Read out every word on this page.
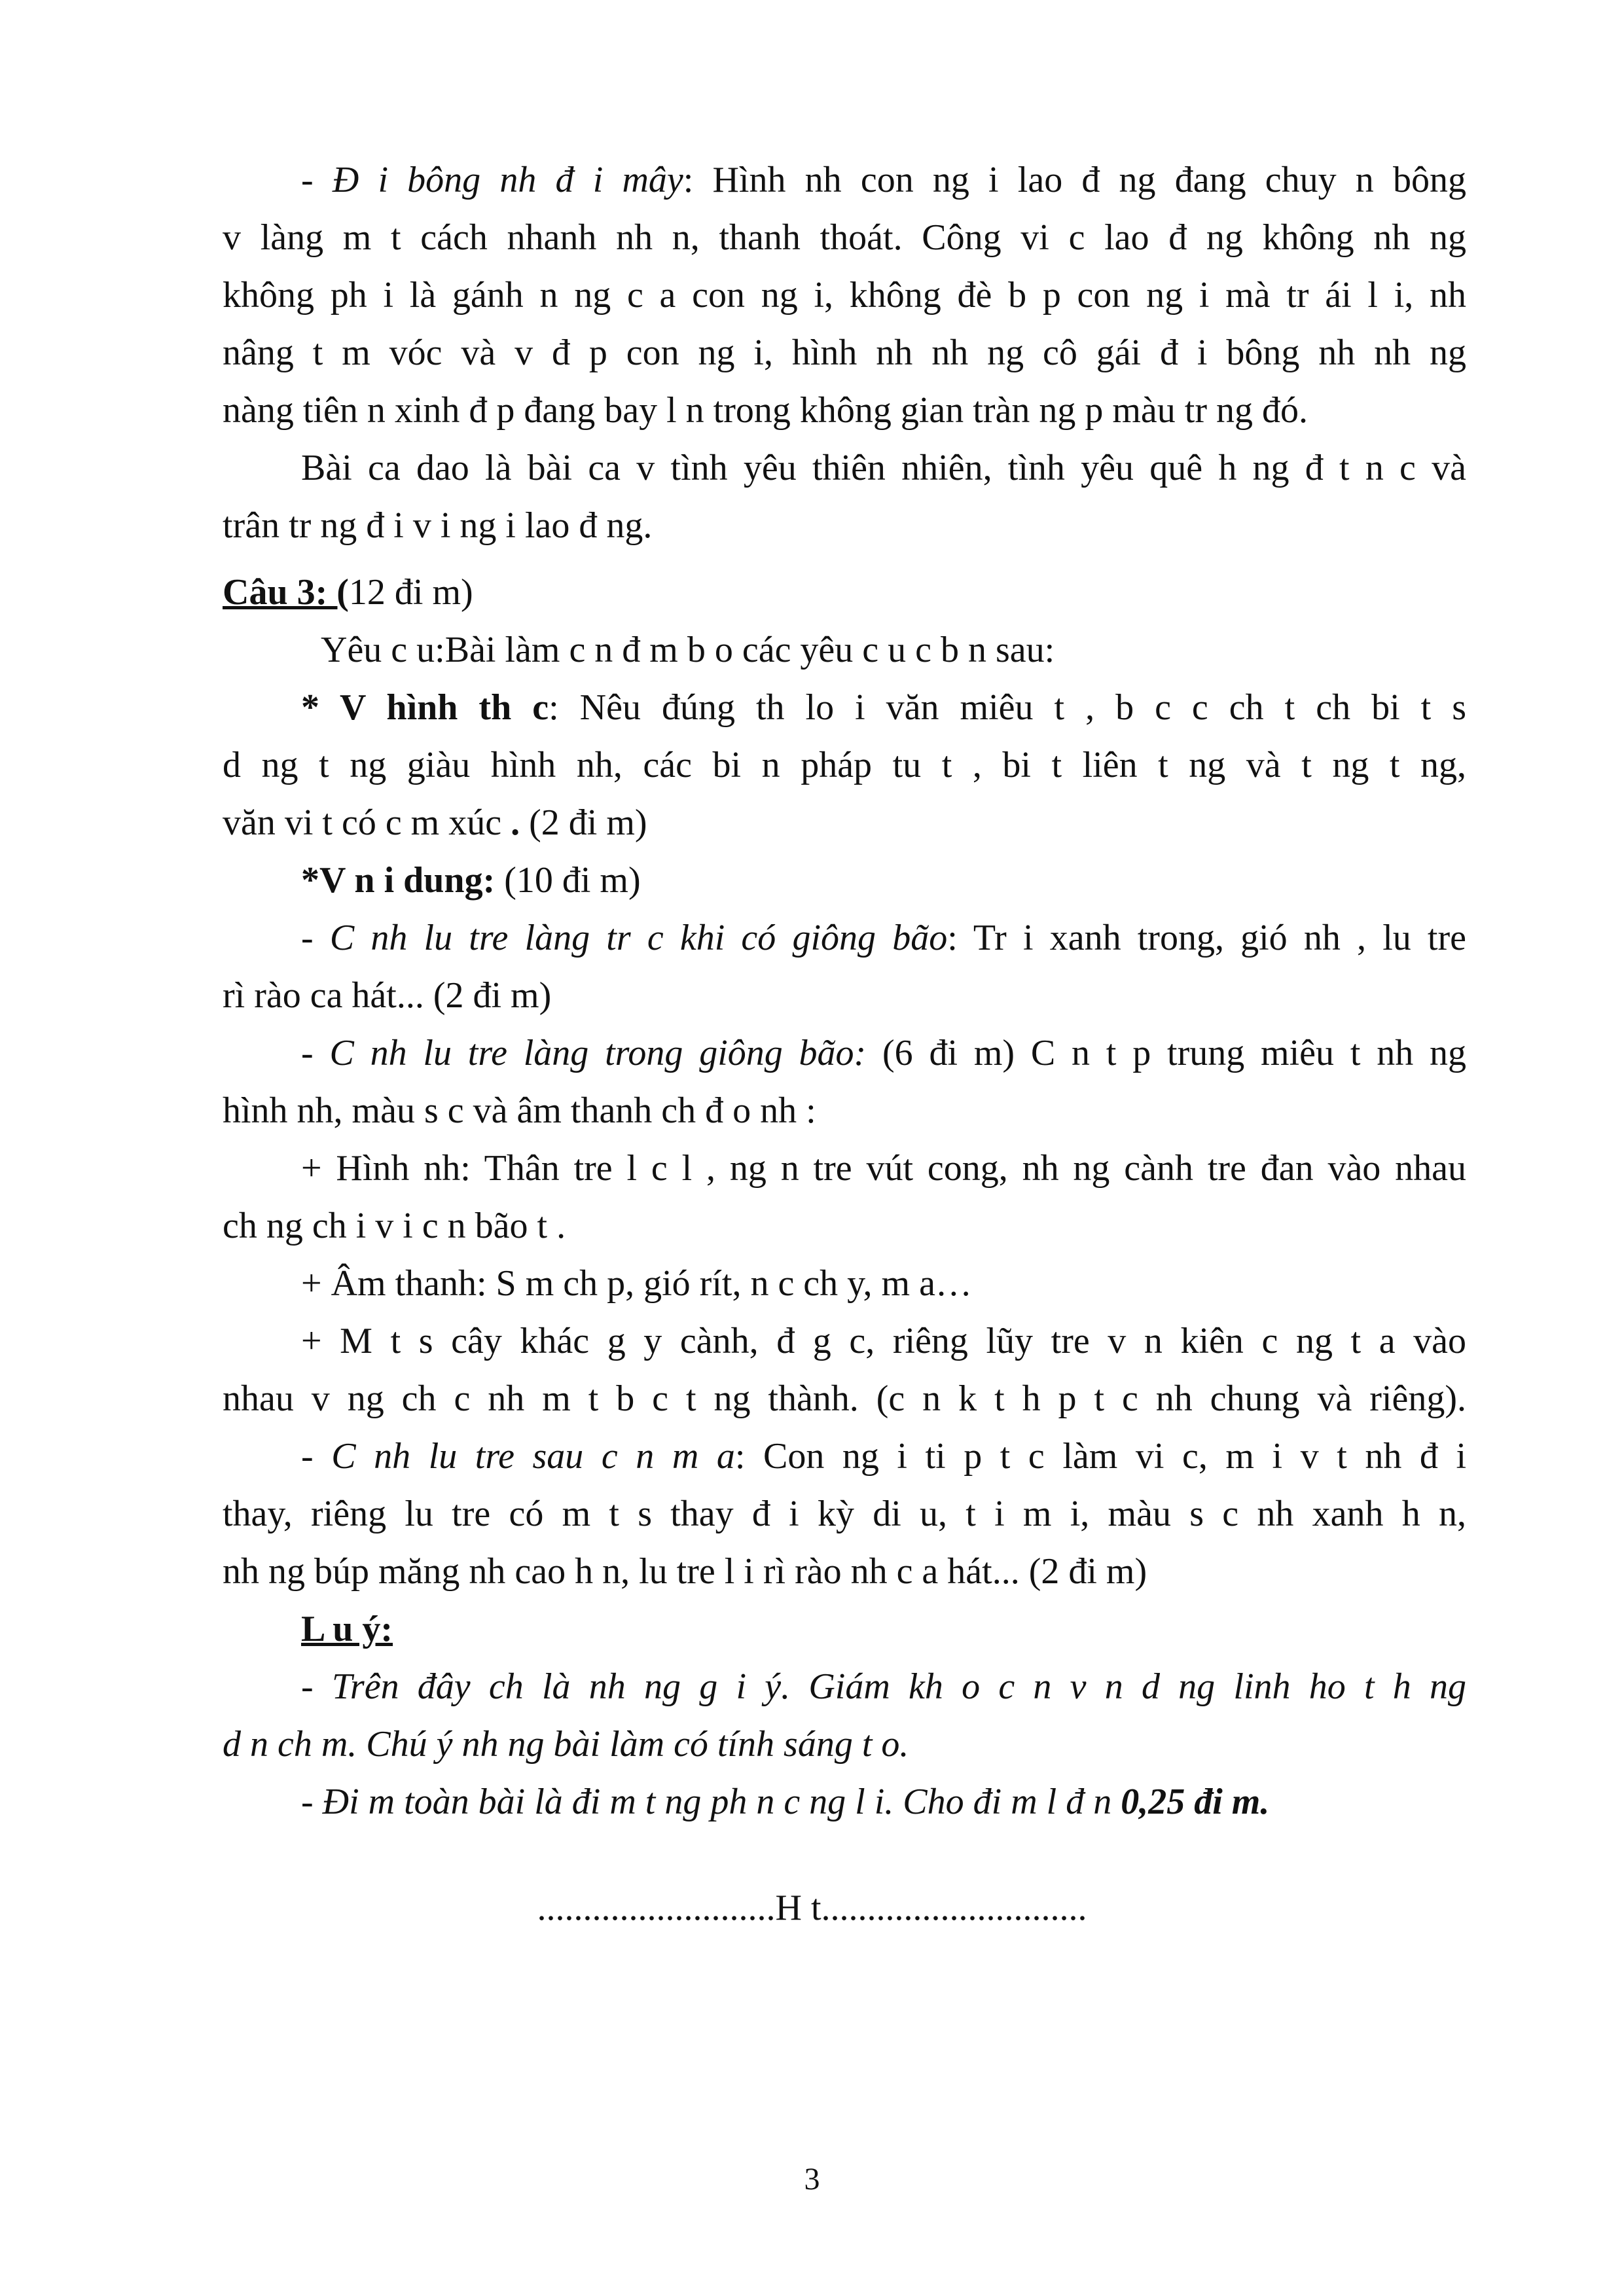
- Đ i bông nh đ i mây: Hình nh con ng i lao đ ng đang chuy n bông
v làng m t cách nhanh nh n, thanh thoát. Công vi c lao đ ng không nh ng
không ph i là gánh n ng c a con ng i, không đè b p con ng i mà tr ái l i, nh
nâng t m vóc và v đ p con ng i, hình nh nh ng cô gái đ i bông nh nh ng
nàng tiên n xinh đ p đang bay l n trong không gian tràn ng p màu tr ng đó.
Bài ca dao là bài ca v tình yêu thiên nhiên, tình yêu quê h ng đ t n c và
trân tr ng đ i v i ng i lao đ ng.
Câu 3: (12 đi m)
Yêu c u:Bài làm c n đ m b o các yêu c u c b n sau:
* V hình th c: Nêu đúng th lo i văn miêu t , b c c ch t ch bi t s
d ng t ng giàu hình nh, các bi n pháp tu t , bi t liên t ng và t ng t ng,
văn vi t có c m xúc . (2 đi m)
*V n i dung: (10 đi m)
- C nh lu tre làng tr c khi có giông bão: Tr i xanh trong, gió nh , lu tre
rì rào ca hát... (2 đi m)
- C nh lu tre làng trong giông bão: (6 đi m) C n t p trung miêu t nh ng
hình nh, màu s c và âm thanh ch đ o nh :
+ Hình nh: Thân tre l c l , ng n tre vút cong, nh ng cành tre đan vào nhau
ch ng ch i v i c n bão t .
+ Âm thanh: S m ch p, gió rít, n c ch y, m a…
+ M t s cây khác g y cành, đ g c, riêng lũy tre v n kiên c ng t a vào
nhau v ng ch c nh m t b c t ng thành. (c n k t h p t c nh chung và riêng).
- C nh lu tre sau c n m a: Con ng i ti p t c làm vi c, m i v t nh đ i
thay, riêng lu tre có m t s thay đ i kỳ di u, t i m i, màu s c nh xanh h n,
nh ng búp măng nh cao h n, lu tre l i rì rào nh c a hát... (2 đi m)
L u ý:
- Trên đây ch là nh ng g i ý. Giám kh o c n v n d ng linh ho t h ng
d n ch m. Chú ý nh ng bài làm có tính sáng t o.
- Đi m toàn bài là đi m t ng ph n c ng l i. Cho đi m l đ n 0,25 đi m.
..........................H t.............................
3
